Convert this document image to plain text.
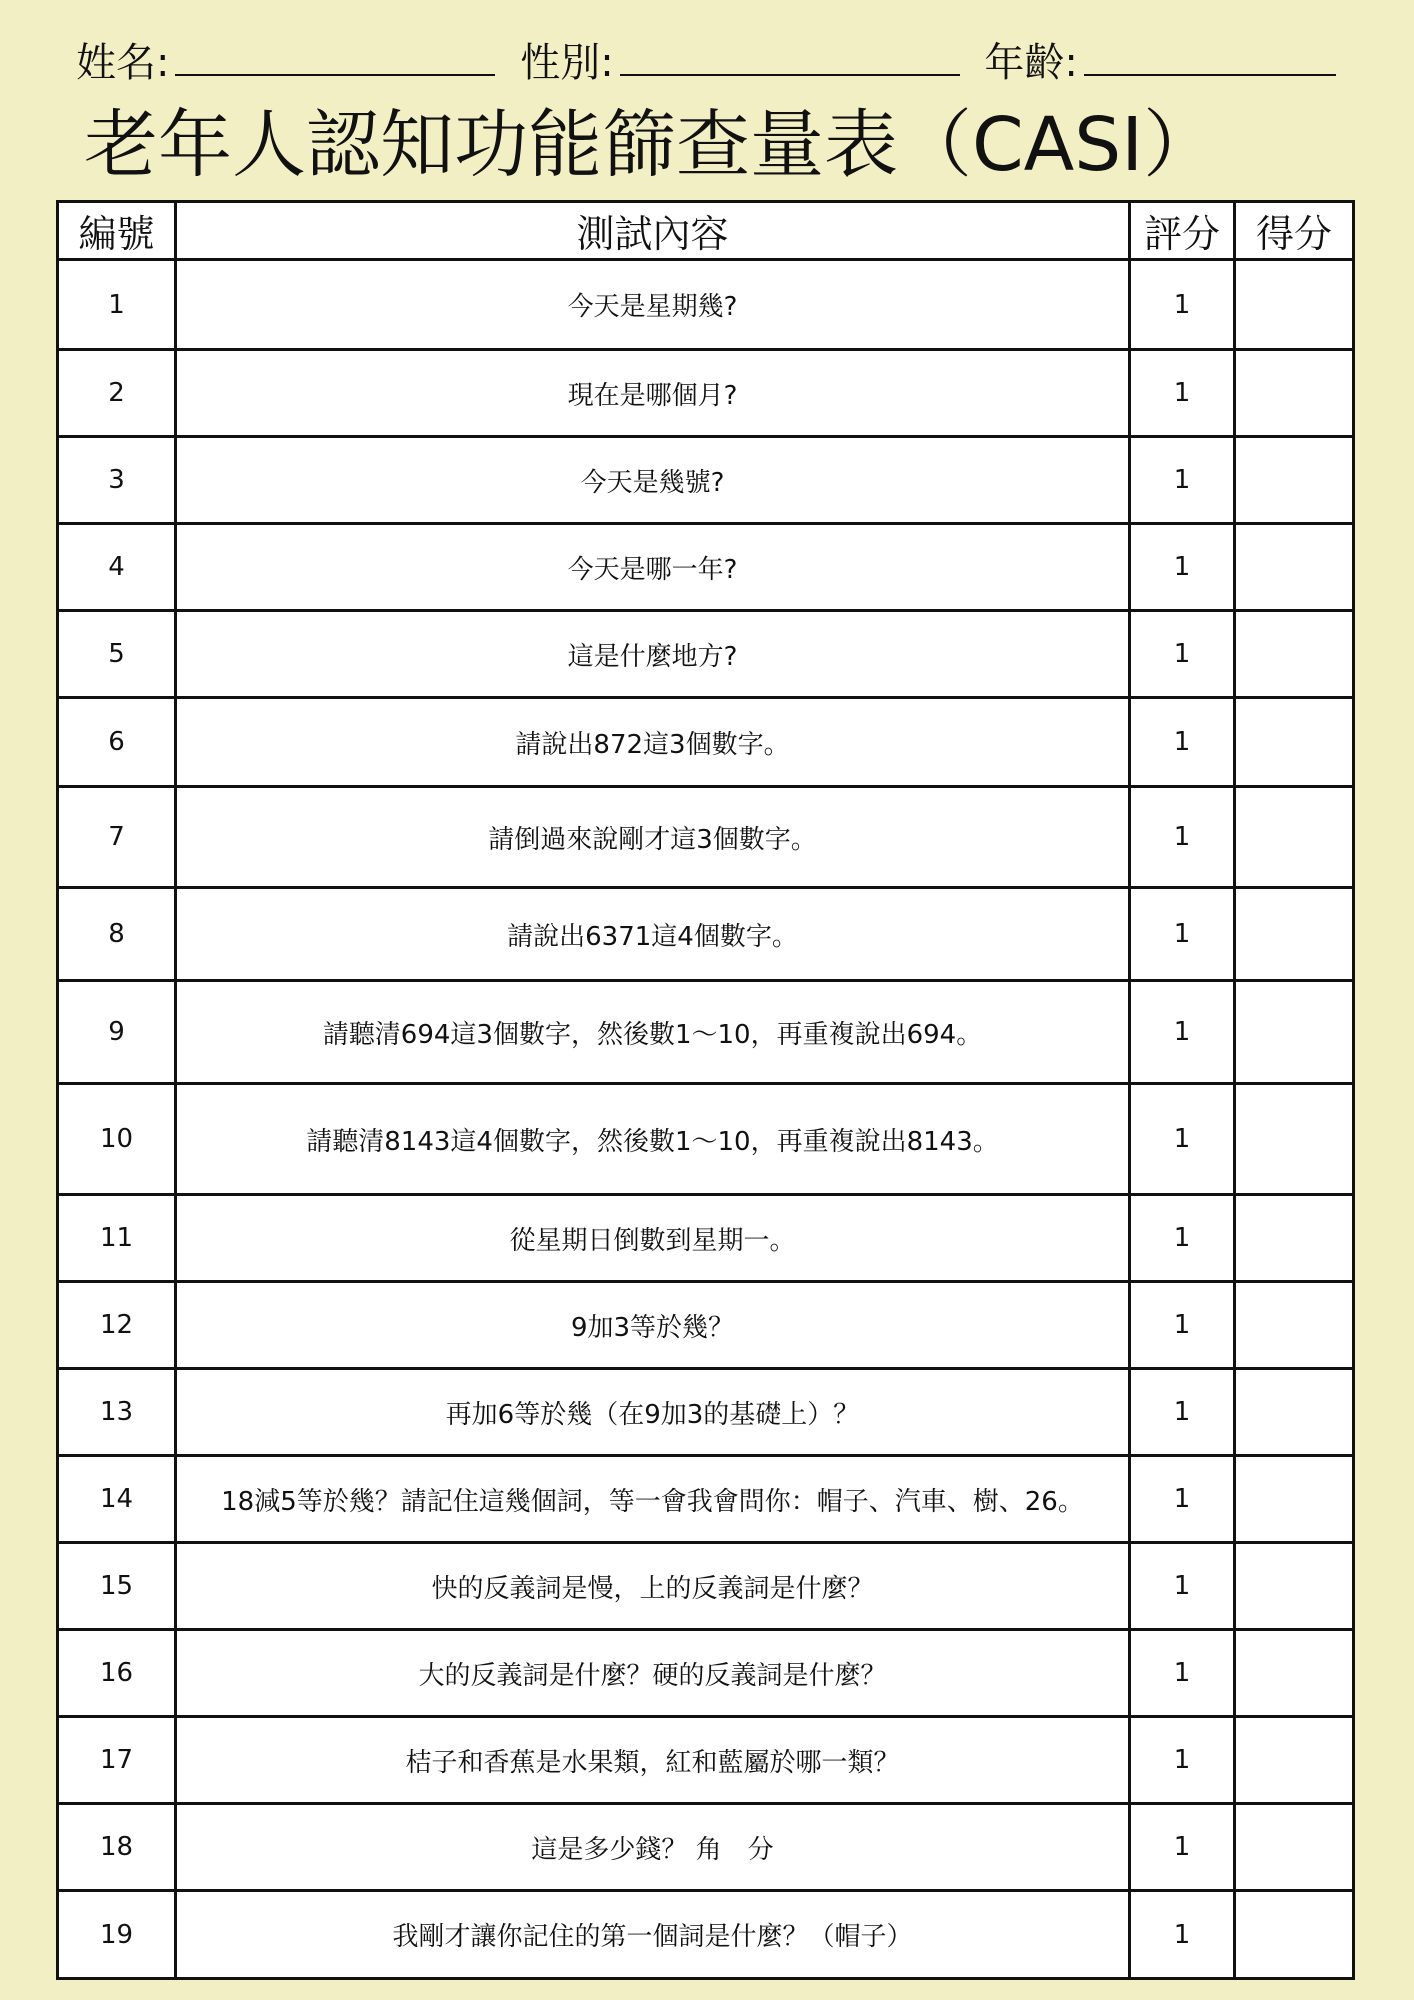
姓名:	性別:	年齡:
老年人認知功能篩查量表（CASI）
編號	測試內容	評分	得分
1	今天是星期幾?	1	
2	現在是哪個月?	1	
3	今天是幾號?	1	
4	今天是哪一年?	1	
5	這是什麼地方?	1	
6	請說出872這3個數字。	1	
7	請倒過來說剛才這3個數字。	1	
8	請說出6371這4個數字。	1	
9	請聽清694這3個數字，然後數1～10，再重複說出694。	1	
10	請聽清8143這4個數字，然後數1～10，再重複說出8143。	1	
11	從星期日倒數到星期一。	1	
12	9加3等於幾？	1	
13	再加6等於幾（在9加3的基礎上）？	1	
14	18減5等於幾？請記住這幾個詞，等一會我會問你：帽子、汽車、樹、26。	1	
15	快的反義詞是慢，上的反義詞是什麼？	1	
16	大的反義詞是什麼？硬的反義詞是什麼？	1	
17	桔子和香蕉是水果類，紅和藍屬於哪一類？	1	
18	這是多少錢？ 角　分	1	
19	我剛才讓你記住的第一個詞是什麼？（帽子）	1	
